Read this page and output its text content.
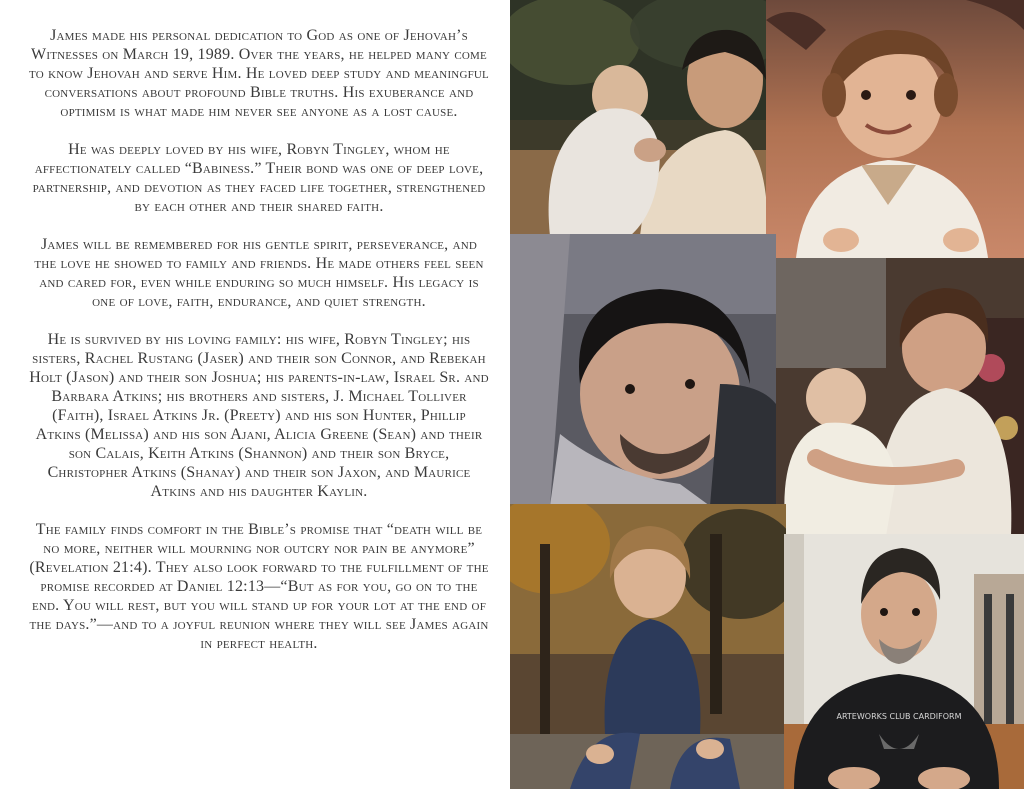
James made his personal dedication to God as one of Jehovah’s Witnesses on March 19, 1989. Over the years, he helped many come to know Jehovah and serve Him. He loved deep study and meaningful conversations about profound Bible truths. His exuberance and optimism is what made him never see anyone as a lost cause.

He was deeply loved by his wife, Robyn Tingley, whom he affectionately called “Babiness.” Their bond was one of deep love, partnership, and devotion as they faced life together, strengthened by each other and their shared faith.

James will be remembered for his gentle spirit, perseverance, and the love he showed to family and friends. He made others feel seen and cared for, even while enduring so much himself. His legacy is one of love, faith, endurance, and quiet strength.

He is survived by his loving family: his wife, Robyn Tingley; his sisters, Rachel Rustang (Jaser) and their son Connor, and Rebekah Holt (Jason) and their son Joshua; his parents-in-law, Israel Sr. and Barbara Atkins; his brothers and sisters, J. Michael Tolliver (Faith), Israel Atkins Jr. (Preety) and his son Hunter, Phillip Atkins (Melissa) and his son Ajani, Alicia Greene (Sean) and their son Calais, Keith Atkins (Shannon) and their son Bryce, Christopher Atkins (Shanay) and their son Jaxon, and Maurice Atkins and his daughter Kaylin.

The family finds comfort in the Bible’s promise that “death will be no more, neither will mourning nor outcry nor pain be anymore” (Revelation 21:4). They also look forward to the fulfillment of the promise recorded at Daniel 12:13—“But as for you, go on to the end. You will rest, but you will stand up for your lot at the end of the days.”—and to a joyful reunion where they will see James again in perfect health.

ARTEWORKS CLUB CARDIFORM
